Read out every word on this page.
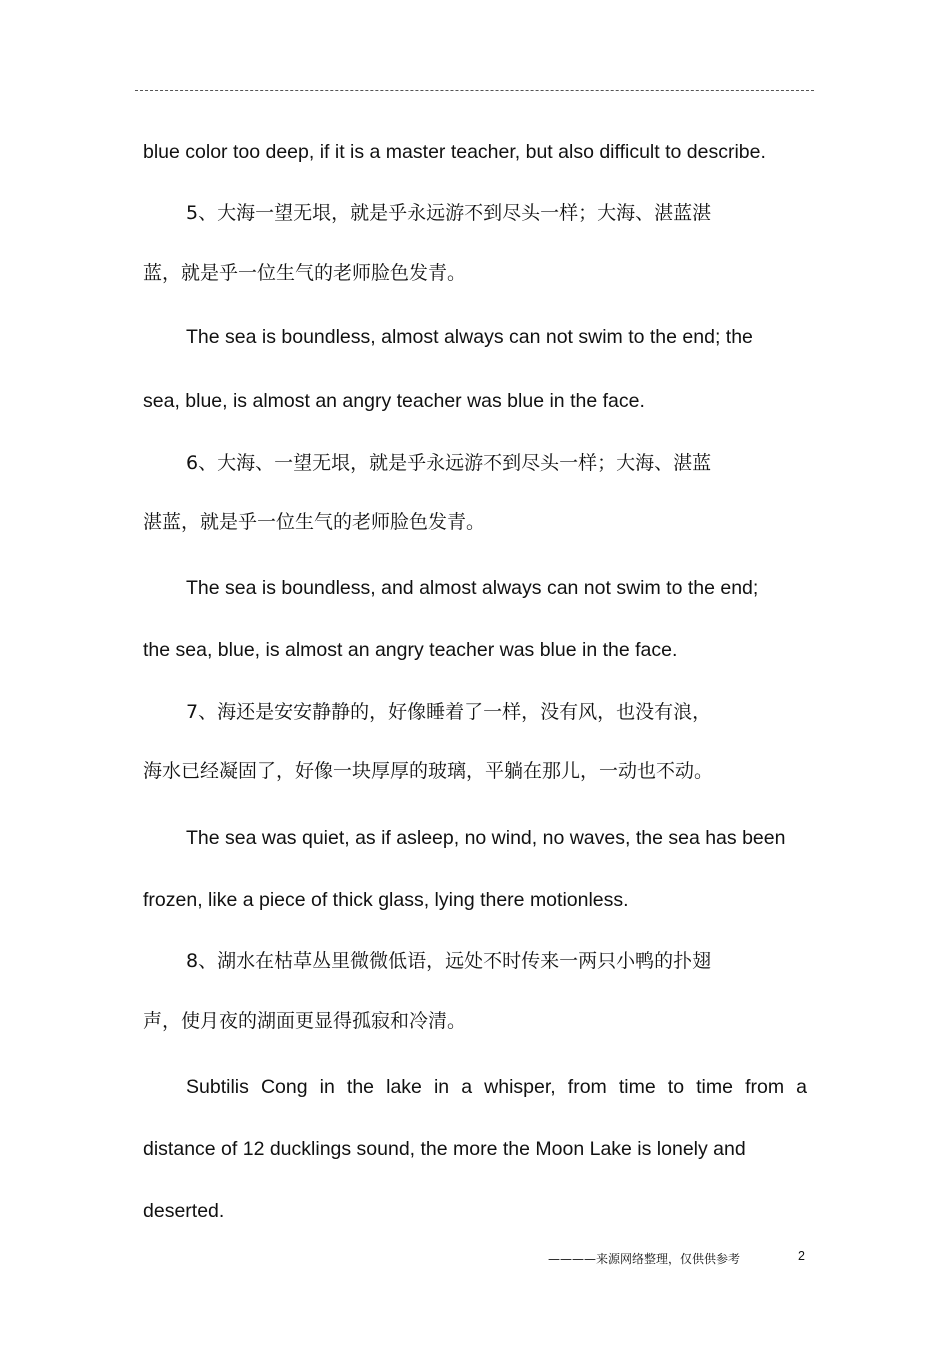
blue color too deep, if it is a master teacher, but also difficult to describe.
5、大海一望无垠，就是乎永远游不到尽头一样；大海、湛蓝湛
蓝，就是乎一位生气的老师脸色发青。
The sea is boundless, almost always can not swim to the end; the
sea, blue, is almost an angry teacher was blue in the face.
6、大海、一望无垠，就是乎永远游不到尽头一样；大海、湛蓝
湛蓝，就是乎一位生气的老师脸色发青。
The sea is boundless, and almost always can not swim to the end;
the sea, blue, is almost an angry teacher was blue in the face.
7、海还是安安静静的，好像睡着了一样，没有风，也没有浪，
海水已经凝固了，好像一块厚厚的玻璃，平躺在那儿，一动也不动。
The sea was quiet, as if asleep, no wind, no waves, the sea has been
frozen, like a piece of thick glass, lying there motionless.
8、湖水在枯草丛里微微低语，远处不时传来一两只小鸭的扑翅
声，使月夜的湖面更显得孤寂和冷清。
Subtilis Cong in the lake in a whisper, from time to time from a
distance of 12 ducklings sound, the more the Moon Lake is lonely and
deserted.
————来源网络整理，仅供供参考	2
